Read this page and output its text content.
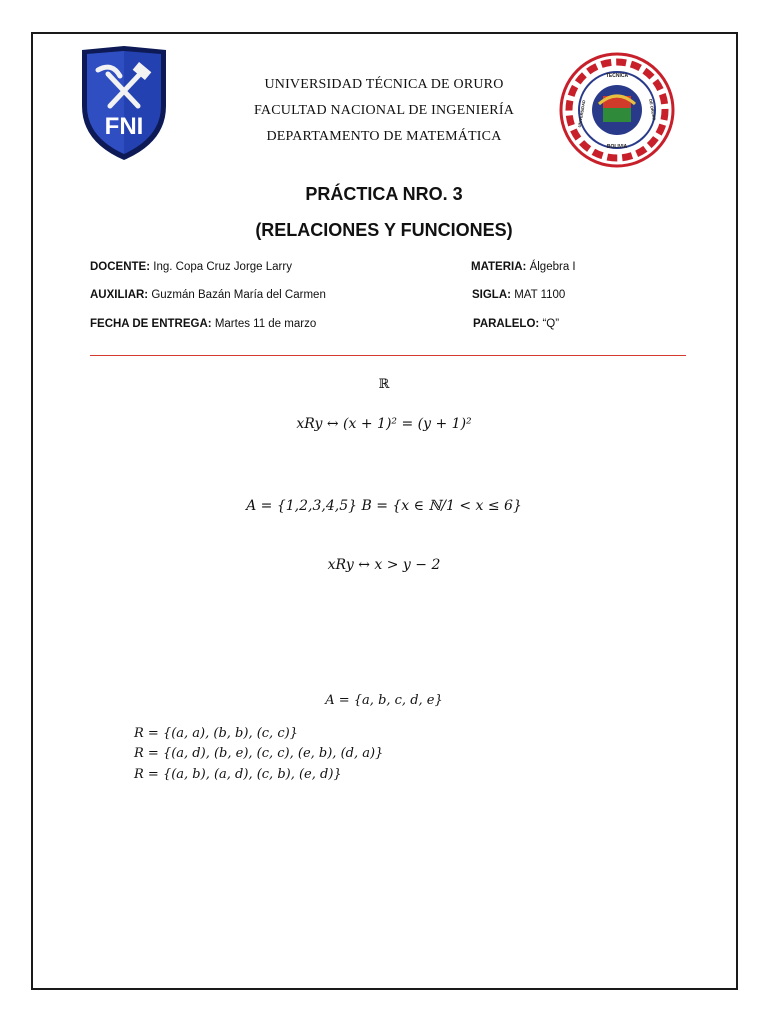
FNI
TECNICA
BOLIVIA
UNIVERSIDAD	DE ORURO
UNIVERSIDAD TÉCNICA DE ORURO
FACULTAD NACIONAL DE INGENIERÍA
DEPARTAMENTO DE MATEMÁTICA
PRÁCTICA NRO. 3
(RELACIONES Y FUNCIONES)
DOCENTE: Ing. Copa Cruz Jorge Larry	MATERIA: Álgebra I
AUXILIAR: Guzmán Bazán María del Carmen	SIGLA: MAT 1100
FECHA DE ENTREGA: Martes 11 de marzo	PARALELO: “Q”
ℝ
xRy ↔ (x + 1)² = (y + 1)²
A = {1,2,3,4,5} B = {x ∈ ℕ/1 < x ≤ 6}
xRy ↔ x > y − 2
A = {a, b, c, d, e}
R = {(a, a), (b, b), (c, c)}
R = {(a, d), (b, e), (c, c), (e, b), (d, a)}
R = {(a, b), (a, d), (c, b), (e, d)}
